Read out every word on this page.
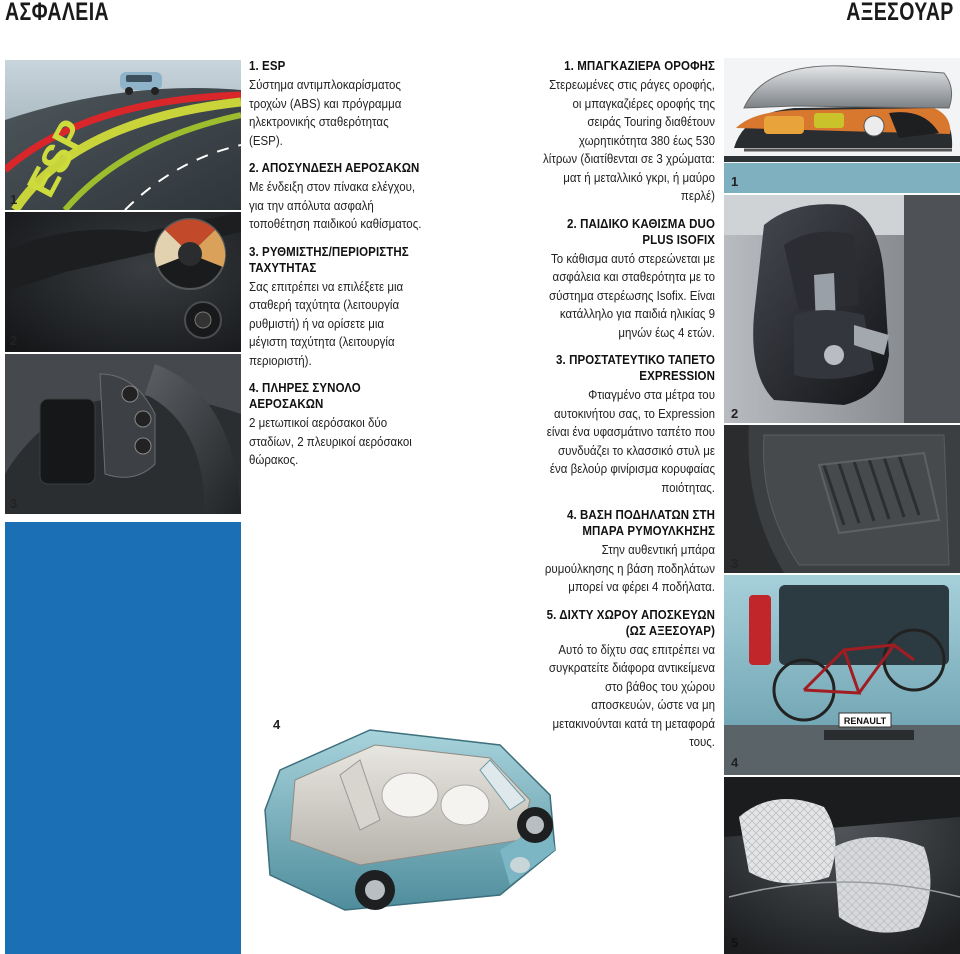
ΑΣΦΑΛΕΙΑ	ΑΞΕΣΟΥΑΡ
ESP
1
2
3
1. ESP

Σύστημα αντιμπλοκαρίσματος τροχών (ABS) και πρόγραμμα ηλεκτρονικής σταθερότητας (ESP).

2. ΑΠΟΣΥΝΔΕΣΗ ΑΕΡΟΣΑΚΩΝ

Με ένδειξη στον πίνακα ελέγχου, για την απόλυτα ασφαλή τοποθέτηση παιδικού καθίσματος.

3. ΡΥΘΜΙΣΤΗΣ/ΠΕΡΙΟΡΙΣΤΗΣ ΤΑΧΥΤΗΤΑΣ

Σας επιτρέπει να επιλέξετε μια σταθερή ταχύτητα (λειτουργία ρυθμιστή) ή να ορίσετε μια μέγιστη ταχύτητα (λειτουργία περιοριστή).

4. ΠΛΗΡΕΣ ΣΥΝΟΛΟ ΑΕΡΟΣΑΚΩΝ

2 μετωπικοί αερόσακοι δύο σταδίων, 2 πλευρικοί αερόσακοι θώρακος.

4
1. ΜΠΑΓΚΑΖΙΕΡΑ ΟΡΟΦΗΣ

Στερεωμένες στις ράγες οροφής, οι μπαγκαζιέρες οροφής της σειράς Touring διαθέτουν χωρητικότητα 380 έως 530 λίτρων (διατίθενται σε 3 χρώματα: ματ ή μεταλλικό γκρι, ή μαύρο περλέ)

2. ΠΑΙΔΙΚΟ ΚΑΘΙΣΜΑ DUO PLUS ISOFIX

Το κάθισμα αυτό στερεώνεται με ασφάλεια και σταθερότητα με το σύστημα στερέωσης Isofix. Είναι κατάλληλο για παιδιά ηλικίας 9 μηνών έως 4 ετών.

3. ΠΡΟΣΤΑΤΕΥΤΙΚΟ ΤΑΠΕΤΟ EXPRESSION

Φτιαγμένο στα μέτρα του αυτοκινήτου σας, το Expression είναι ένα υφασμάτινο ταπέτο που συνδυάζει το κλασσικό στυλ με ένα βελούρ φινίρισμα κορυφαίας ποιότητας.

4. ΒΑΣΗ ΠΟΔΗΛΑΤΩΝ ΣΤΗ ΜΠΑΡΑ ΡΥΜΟΥΛΚΗΣΗΣ

Στην αυθεντική μπάρα ρυμούλκησης η βάση ποδηλάτων μπορεί να φέρει 4 ποδήλατα.

5. ΔΙΧΤΥ ΧΩΡΟΥ ΑΠΟΣΚΕΥΩΝ (ΩΣ ΑΞΕΣΟΥΑΡ)

Αυτό το δίχτυ σας επιτρέπει να συγκρατείτε διάφορα αντικείμενα στο βάθος του χώρου αποσκευών, ώστε να μη μετακινούνται κατά τη μεταφορά τους.

1
2
3
RENAULT
4
5
